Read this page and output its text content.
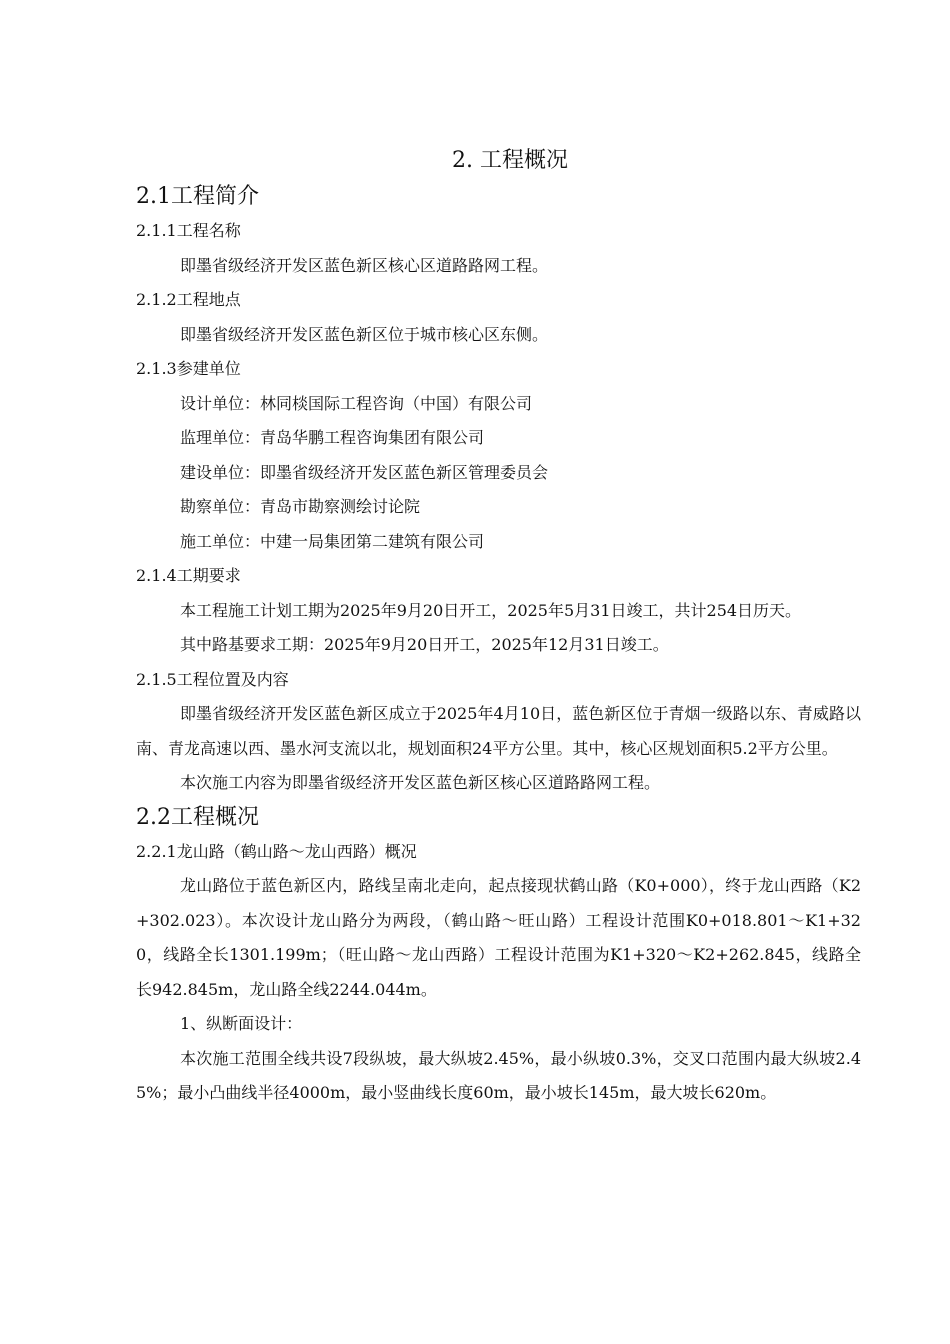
2. 工程概况
2.1工程简介
2.1.1工程名称

即墨省级经济开发区蓝色新区核心区道路路网工程。

2.1.2工程地点

即墨省级经济开发区蓝色新区位于城市核心区东侧。

2.1.3参建单位
设计单位：林同棪国际工程咨询（中国）有限公司
监理单位：青岛华鹏工程咨询集团有限公司
建设单位：即墨省级经济开发区蓝色新区管理委员会
勘察单位：青岛市勘察测绘讨论院
施工单位：中建一局集团第二建筑有限公司
2.1.4工期要求

本工程施工计划工期为2025年9月20日开工，2025年5月31日竣工，共计254日历天。

其中路基要求工期：2025年9月20日开工，2025年12月31日竣工。

2.1.5工程位置及内容

即墨省级经济开发区蓝色新区成立于2025年4月10日，蓝色新区位于青烟一级路以东、青威路以南、青龙高速以西、墨水河支流以北，规划面积24平方公里。其中，核心区规划面积5.2平方公里。

本次施工内容为即墨省级经济开发区蓝色新区核心区道路路网工程。

2.2工程概况
2.2.1龙山路（鹤山路～龙山西路）概况

龙山路位于蓝色新区内，路线呈南北走向，起点接现状鹤山路（K0+000），终于龙山西路（K2+302.023）。本次设计龙山路分为两段，（鹤山路～旺山路）工程设计范围K0+018.801～K1+320，线路全长1301.199m；（旺山路～龙山西路）工程设计范围为K1+320～K2+262.845，线路全长942.845m，龙山路全线2244.044m。

1、纵断面设计：

本次施工范围全线共设7段纵坡，最大纵坡2.45%，最小纵坡0.3%，交叉口范围内最大纵坡2.45%；最小凸曲线半径4000m，最小竖曲线长度60m，最小坡长145m，最大坡长620m。
